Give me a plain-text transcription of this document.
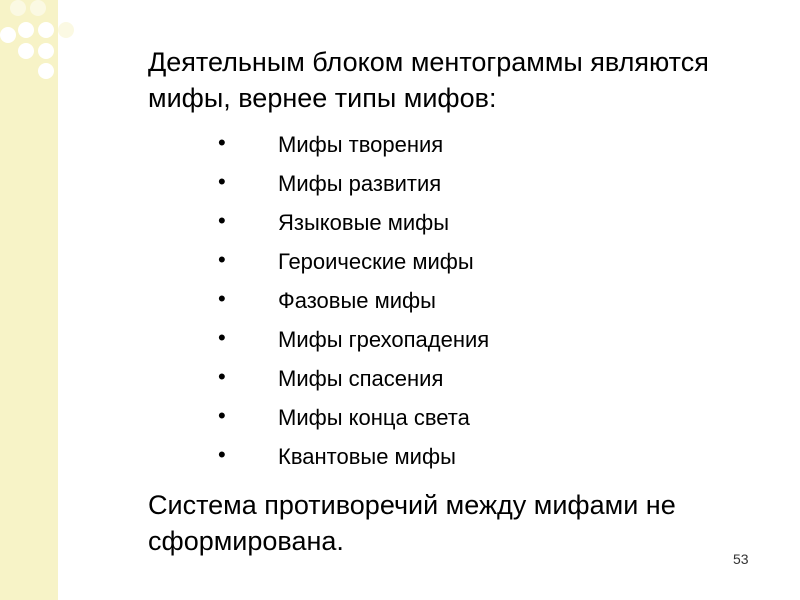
Деятельным блоком ментограммы являются мифы, вернее типы мифов:
• Мифы творения
• Мифы развития
• Языковые мифы
• Героические мифы
• Фазовые мифы
• Мифы грехопадения
• Мифы спасения
• Мифы конца света
• Квантовые мифы

Система противоречий между мифами не сформирована.

53
